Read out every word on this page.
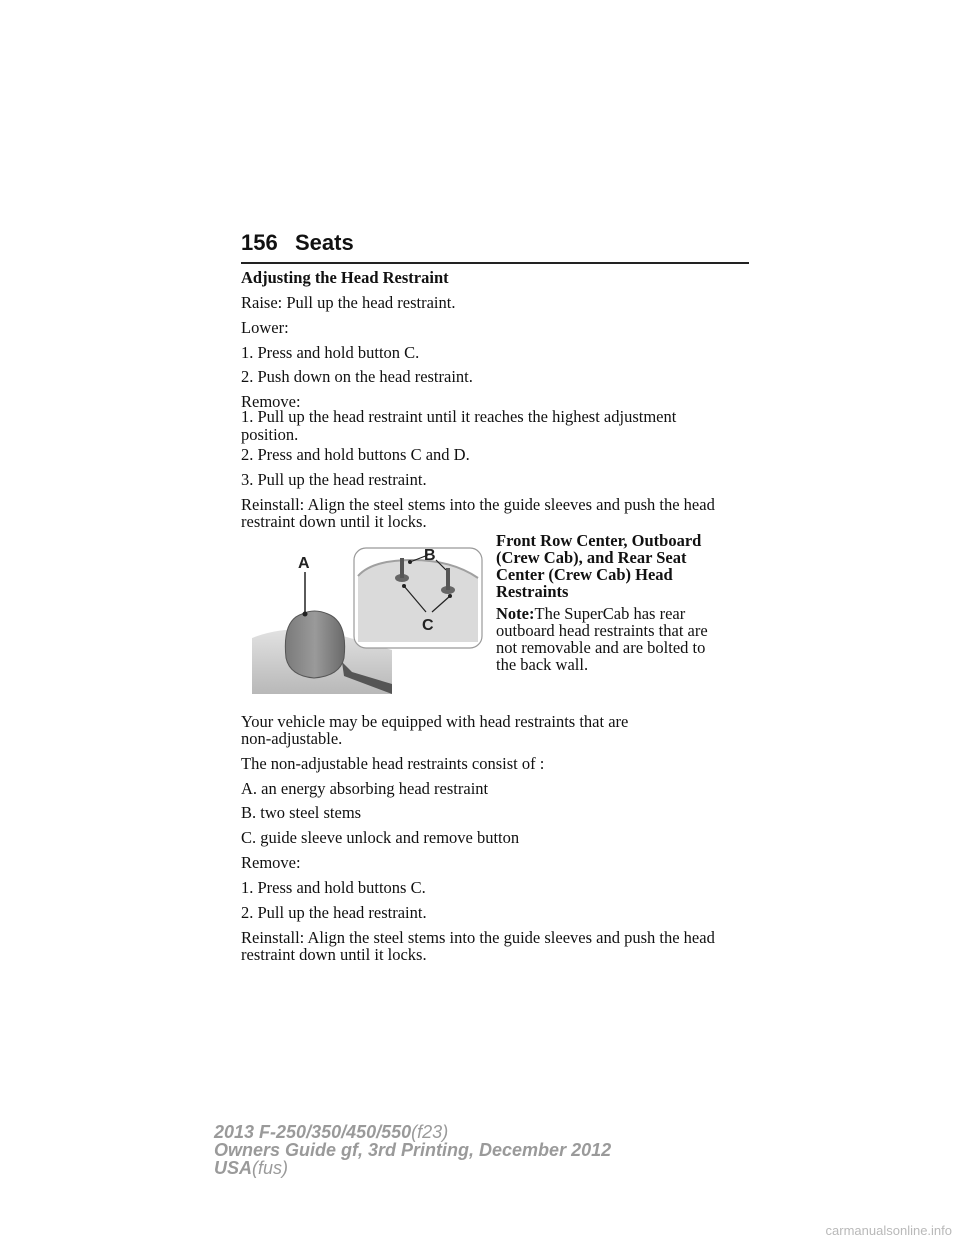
156 Seats

Adjusting the Head Restraint

Raise: Pull up the head restraint.

Lower:

1. Press and hold button C.

2. Push down on the head restraint.

Remove:

1. Pull up the head restraint until it reaches the highest adjustment

position.

2. Press and hold buttons C and D.

3. Pull up the head restraint.

Reinstall: Align the steel stems into the guide sleeves and push the head

restraint down until it locks.

A	B
C

Front Row Center, Outboard

(Crew Cab), and Rear Seat

Center (Crew Cab) Head

Restraints

Note:The SuperCab has rear

outboard head restraints that are

not removable and are bolted to

the back wall.

Your vehicle may be equipped with head restraints that are

non-adjustable.

The non-adjustable head restraints consist of :

A. an energy absorbing head restraint

B. two steel stems

C. guide sleeve unlock and remove button

Remove:

1. Press and hold buttons C.

2. Pull up the head restraint.

Reinstall: Align the steel stems into the guide sleeves and push the head

restraint down until it locks.

2013 F-250/350/450/550(f23)
Owners Guide gf, 3rd Printing, December 2012
USA(fus)
carmanualsonline.info
